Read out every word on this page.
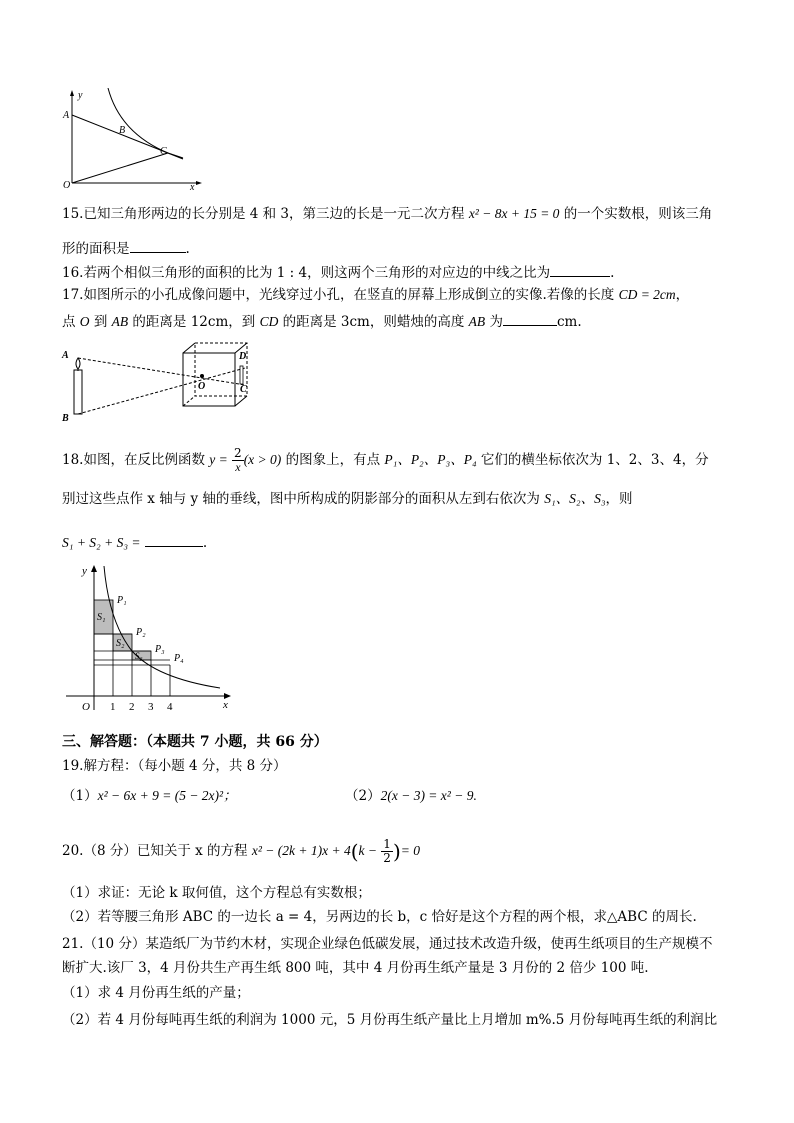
y
A
B
C
O	x
15.已知三角形两边的长分别是 4 和 3，第三边的长是一元二次方程 x² − 8x + 15 = 0 的一个实数根，则该三角
形的面积是	.
16.若两个相似三角形的面积的比为 1 : 4，则这两个三角形的对应边的中线之比为	.
17.如图所示的小孔成像问题中，光线穿过小孔，在竖直的屏幕上形成倒立的实像.若像的长度 CD = 2cm，
点 O 到 AB 的距离是 12cm，到 CD 的距离是 3cm，则蜡烛的高度 AB 为	cm.
A
B
D
O	C
18.如图，在反比例函数 $y = \frac{2}{x} (x > 0)$ 的图象上，有点 P₁、P₂、P₃、P₄ 它们的横坐标依次为 1、2、3、4，分
别过这些点作 x 轴与 y 轴的垂线，图中所构成的阴影部分的面积从左到右依次为 S₁、S₂、S₃，则
S₁ + S₂ + S₃ =	.
y
x
O 1 2 3 4
P₁
P₂
P₃
P₄
S₁
S₂
S₃
三、解答题：（本题共 7 小题，共 66 分）
19.解方程：（每小题 4 分，共 8 分）
（1）x² − 6x + 9 = (5 − 2x)²；	（2）2(x − 3) = x² − 9.
20.（8 分）已知关于 x 的方程 $x^2 - (2k + 1)x + 4(k - \frac{1}{2}$ )= 0
（1）求证：无论 k 取何值，这个方程总有实数根；
（2）若等腰三角形 ABC 的一边长 a = 4，另两边的长 b，c 恰好是这个方程的两个根，求△ABC 的周长.
21.（10 分）某造纸厂为节约木材，实现企业绿色低碳发展，通过技术改造升级，使再生纸项目的生产规模不
断扩大.该厂 3，4 月份共生产再生纸 800 吨，其中 4 月份再生纸产量是 3 月份的 2 倍少 100 吨.
（1）求 4 月份再生纸的产量；
（2）若 4 月份每吨再生纸的利润为 1000 元，5 月份再生纸产量比上月增加 m%.5 月份每吨再生纸的利润比
